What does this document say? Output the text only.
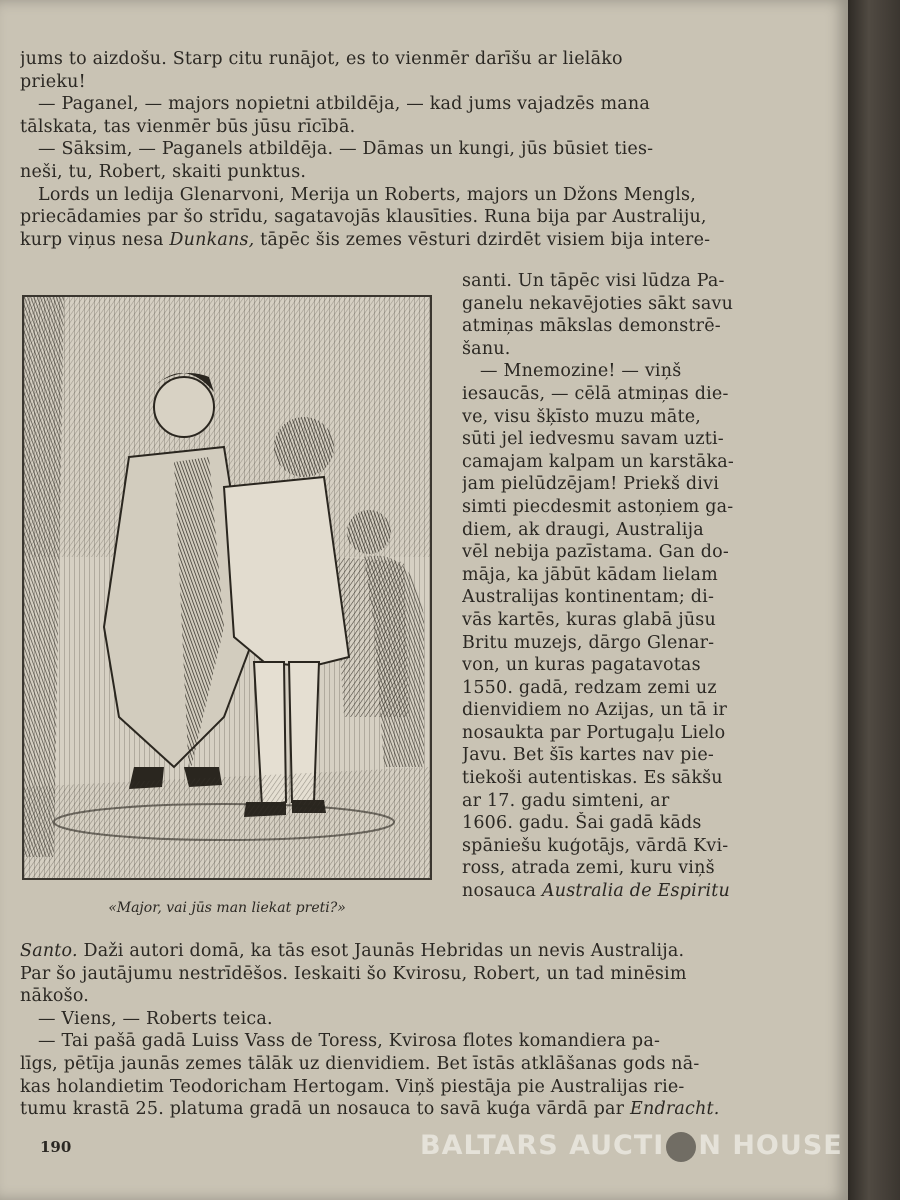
jums to aizdošu. Starp citu runājot, es to vienmēr darīšu ar lielāko
prieku!
— Paganel, — majors nopietni atbildēja, — kad jums vajadzēs mana
tālskata, tas vienmēr būs jūsu rīcībā.
— Sāksim, — Paganels atbildēja. — Dāmas un kungi, jūs būsiet ties-
neši, tu, Robert, skaiti punktus.
Lords un ledija Glenarvoni, Merija un Roberts, majors un Džons Mengls,
priecādamies par šo strīdu, sagatavojās klausīties. Runa bija par Australiju,
kurp viņus nesa Dunkans, tāpēc šis zemes vēsturi dzirdēt visiem bija intere-
«Major, vai jūs man liekat preti?»
santi. Un tāpēc visi lūdza Pa-
ganelu nekavējoties sākt savu
atmiņas mākslas demonstrē-
šanu.
— Mnemozine! — viņš
iesaucās, — cēlā atmiņas die-
ve, visu šķīsto muzu māte,
sūti jel iedvesmu savam uzti-
camajam kalpam un karstāka-
jam pielūdzējam! Priekš divi
simti piecdesmit astoņiem ga-
diem, ak draugi, Australija
vēl nebija pazīstama. Gan do-
māja, ka jābūt kādam lielam
Australijas kontinentam; di-
vās kartēs, kuras glabā jūsu
Britu muzejs, dārgo Glenar-
von, un kuras pagatavotas
1550. gadā, redzam zemi uz
dienvidiem no Azijas, un tā ir
nosaukta par Portugaļu Lielo
Javu. Bet šīs kartes nav pie-
tiekoši autentiskas. Es sākšu
ar 17. gadu simteni, ar
1606. gadu. Šai gadā kāds
spāniešu kuģotājs, vārdā Kvi-
ross, atrada zemi, kuru viņš
nosauca Australia de Espiritu
Santo. Daži autori domā, ka tās esot Jaunās Hebridas un nevis Australija.
Par šo jautājumu nestrīdēšos. Ieskaiti šo Kvirosu, Robert, un tad minēsim
nākošo.
— Viens, — Roberts teica.
— Tai pašā gadā Luiss Vass de Toress, Kvirosa flotes komandiera pa-
līgs, pētīja jaunās zemes tālāk uz dienvidiem. Bet īstās atklāšanas gods nā-
kas holandietim Teodoricham Hertogam. Viņš piestāja pie Australijas rie-
tumu krastā 25. platuma gradā un nosauca to savā kuģa vārdā par Endracht.
190	BALTARS AUCTI N HOUSE
